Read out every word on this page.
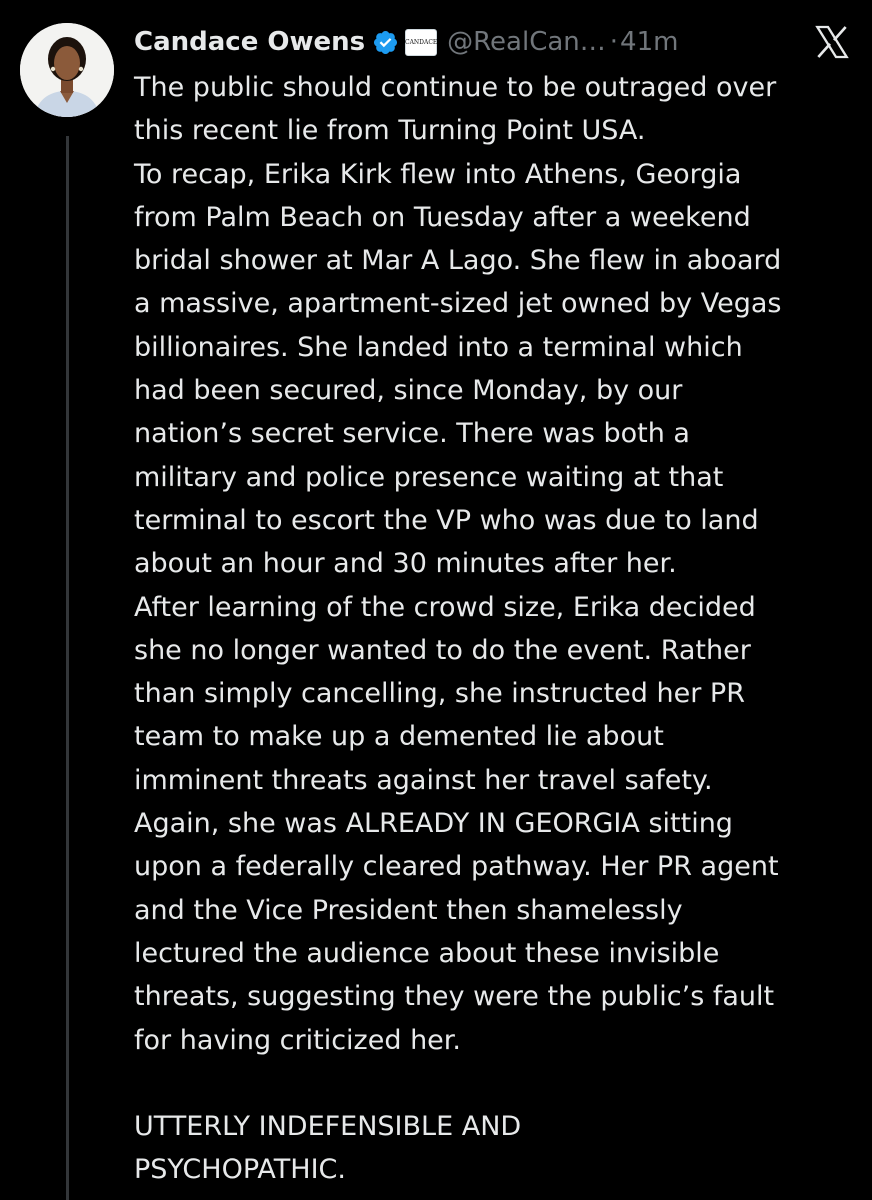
Candace Owens	CANDACE @RealCan… · 41m
The public should continue to be outraged over
this recent lie from Turning Point USA.
To recap, Erika Kirk flew into Athens, Georgia
from Palm Beach on Tuesday after a weekend
bridal shower at Mar A Lago. She flew in aboard
a massive, apartment-sized jet owned by Vegas
billionaires. She landed into a terminal which
had been secured, since Monday, by our
nation’s secret service. There was both a
military and police presence waiting at that
terminal to escort the VP who was due to land
about an hour and 30 minutes after her.
After learning of the crowd size, Erika decided
she no longer wanted to do the event. Rather
than simply cancelling, she instructed her PR
team to make up a demented lie about
imminent threats against her travel safety.
Again, she was ALREADY IN GEORGIA sitting
upon a federally cleared pathway. Her PR agent
and the Vice President then shamelessly
lectured the audience about these invisible
threats, suggesting they were the public’s fault
for having criticized her.
UTTERLY INDEFENSIBLE AND
PSYCHOPATHIC.
